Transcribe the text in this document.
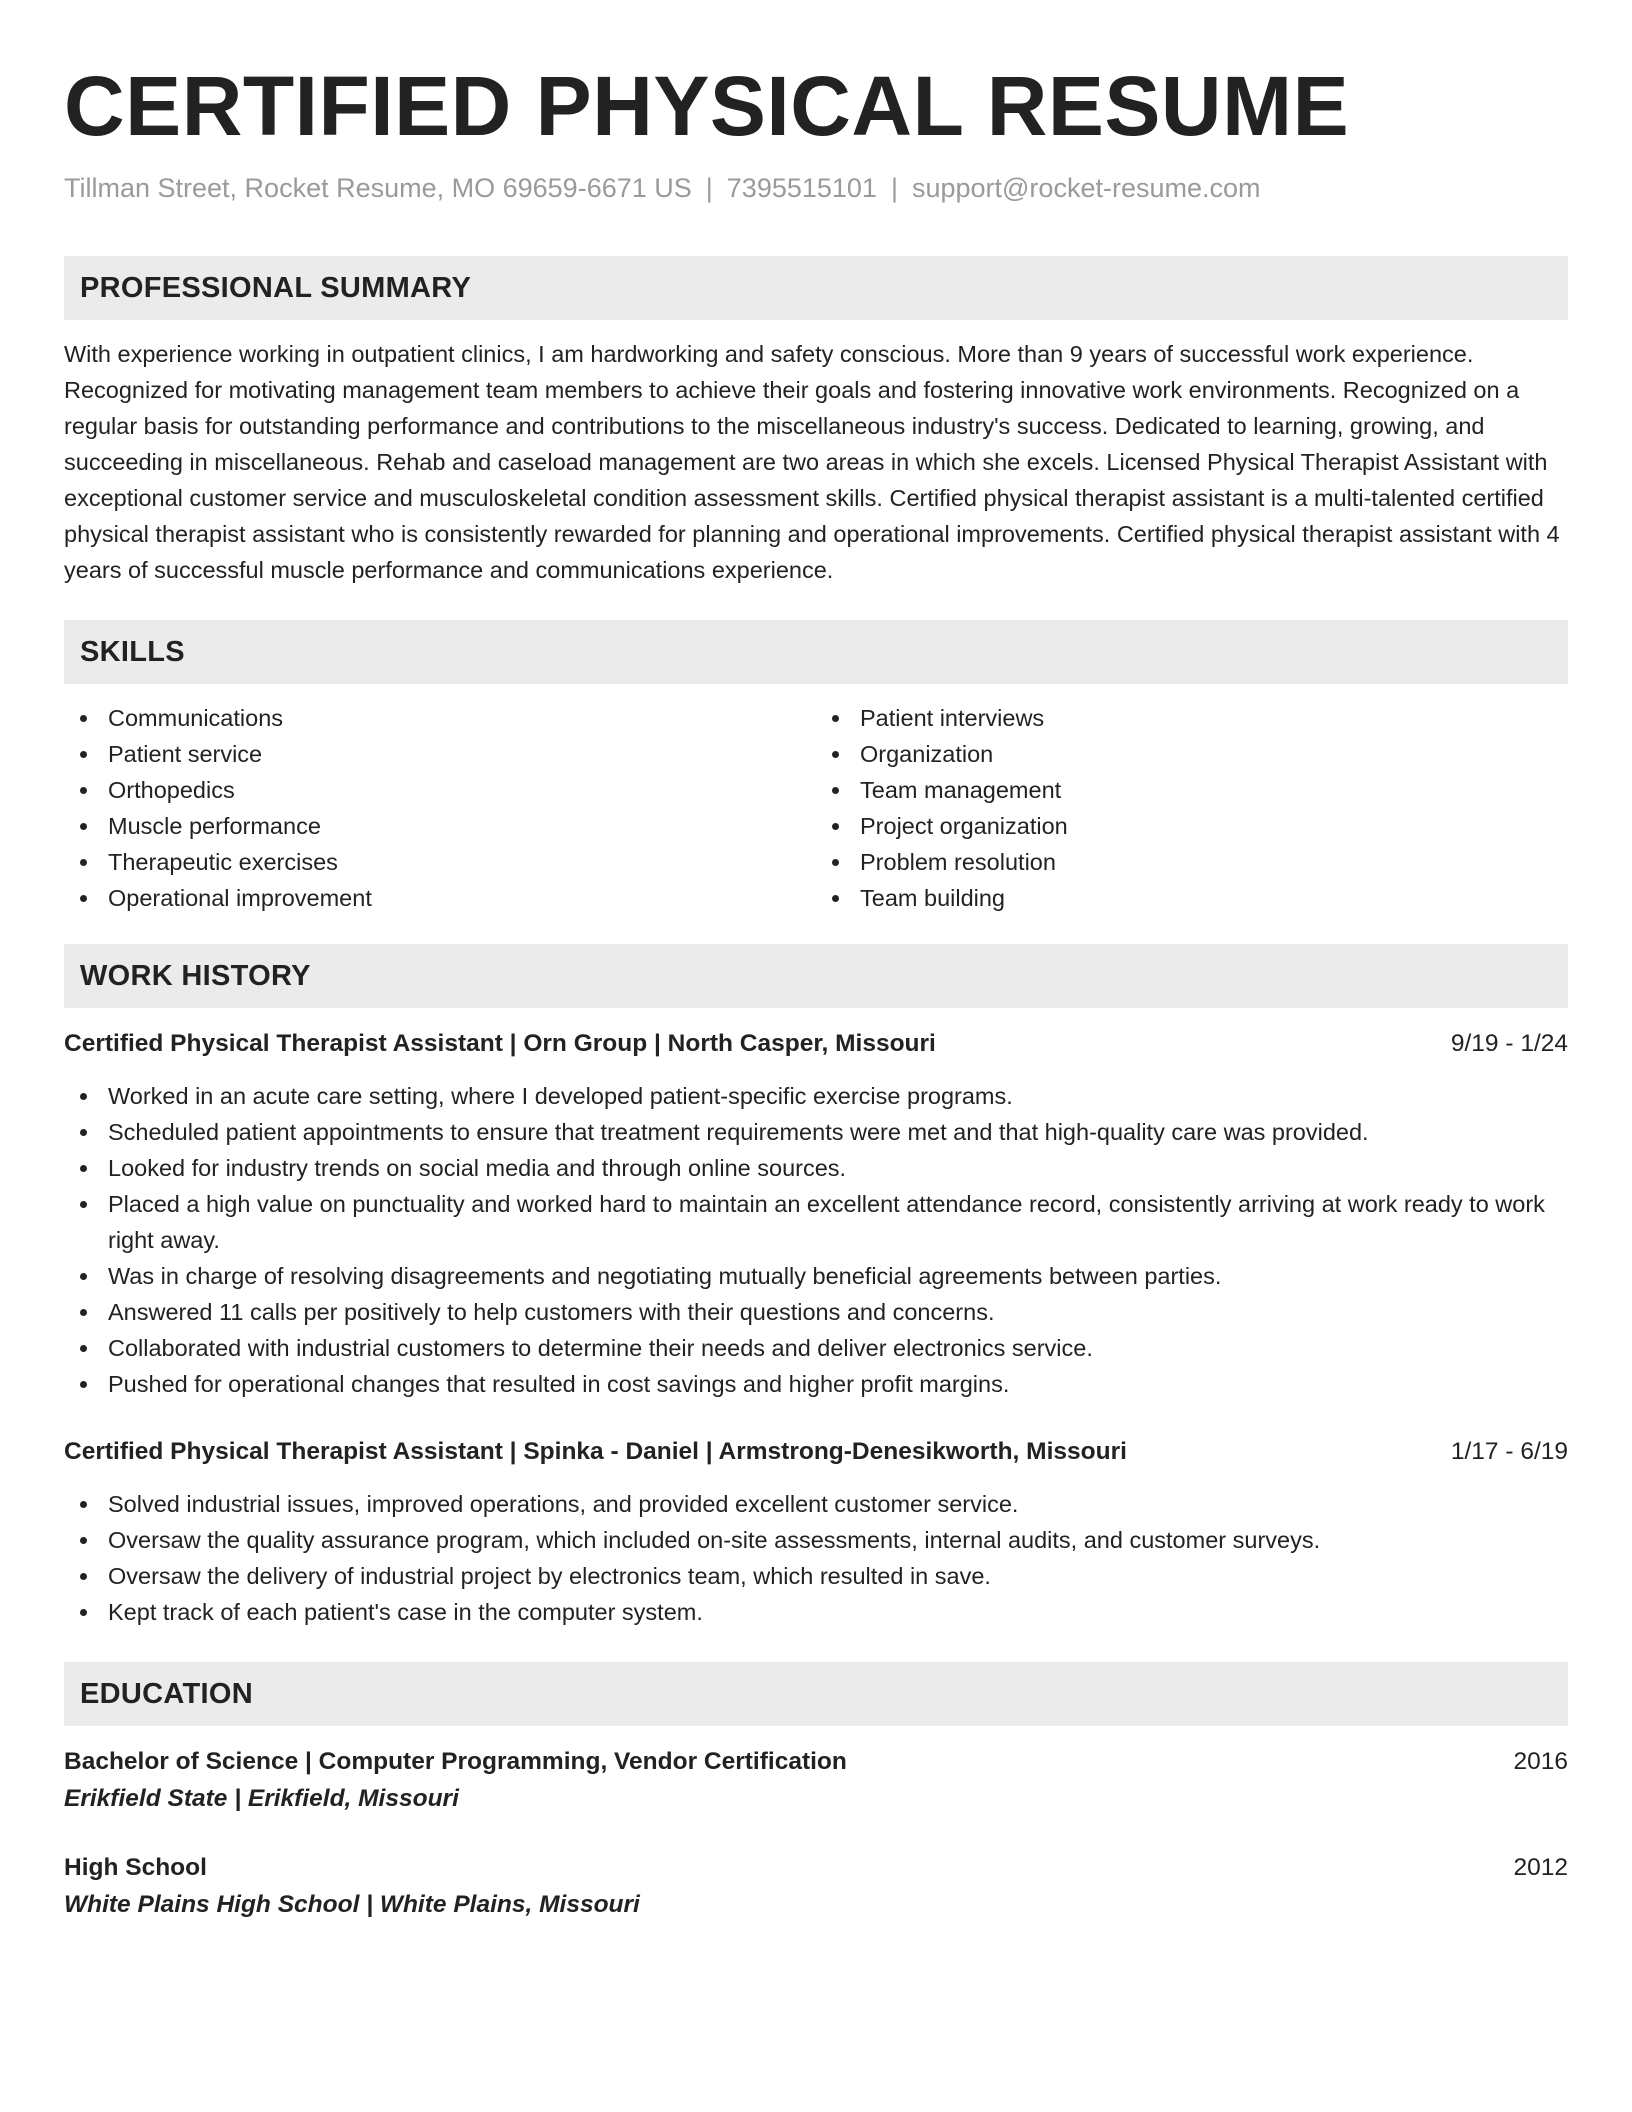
CERTIFIED PHYSICAL RESUME
Tillman Street, Rocket Resume, MO 69659-6671 US | 7395515101 | support@rocket-resume.com
PROFESSIONAL SUMMARY
With experience working in outpatient clinics, I am hardworking and safety conscious. More than 9 years of successful work experience. Recognized for motivating management team members to achieve their goals and fostering innovative work environments. Recognized on a regular basis for outstanding performance and contributions to the miscellaneous industry's success. Dedicated to learning, growing, and succeeding in miscellaneous. Rehab and caseload management are two areas in which she excels. Licensed Physical Therapist Assistant with exceptional customer service and musculoskeletal condition assessment skills. Certified physical therapist assistant is a multi-talented certified physical therapist assistant who is consistently rewarded for planning and operational improvements. Certified physical therapist assistant with 4 years of successful muscle performance and communications experience.
SKILLS
Communications
Patient service
Orthopedics
Muscle performance
Therapeutic exercises
Operational improvement
Patient interviews
Organization
Team management
Project organization
Problem resolution
Team building
WORK HISTORY
Certified Physical Therapist Assistant | Orn Group | North Casper, Missouri	9/19 - 1/24
Worked in an acute care setting, where I developed patient-specific exercise programs.
Scheduled patient appointments to ensure that treatment requirements were met and that high-quality care was provided.
Looked for industry trends on social media and through online sources.
Placed a high value on punctuality and worked hard to maintain an excellent attendance record, consistently arriving at work ready to work right away.
Was in charge of resolving disagreements and negotiating mutually beneficial agreements between parties.
Answered 11 calls per positively to help customers with their questions and concerns.
Collaborated with industrial customers to determine their needs and deliver electronics service.
Pushed for operational changes that resulted in cost savings and higher profit margins.
Certified Physical Therapist Assistant | Spinka - Daniel | Armstrong-Denesikworth, Missouri	1/17 - 6/19
Solved industrial issues, improved operations, and provided excellent customer service.
Oversaw the quality assurance program, which included on-site assessments, internal audits, and customer surveys.
Oversaw the delivery of industrial project by electronics team, which resulted in save.
Kept track of each patient's case in the computer system.
EDUCATION
Bachelor of Science | Computer Programming, Vendor Certification	2016
Erikfield State | Erikfield, Missouri
High School	2012
White Plains High School | White Plains, Missouri
